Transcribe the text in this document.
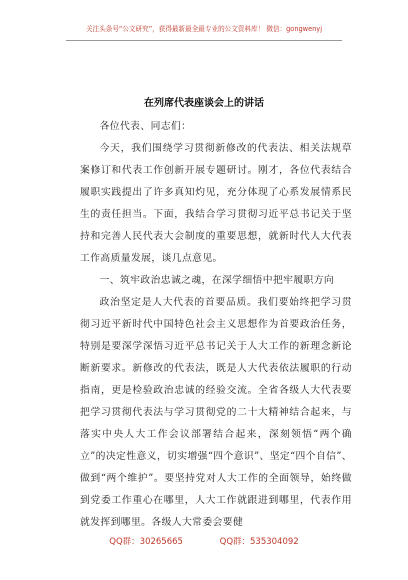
关注头条号“公文研究”，获得最新最全最专业的公文资料库！ 微信：gongwenyj
在列席代表座谈会上的讲话

各位代表、同志们：

今天，我们围绕学习贯彻新修改的代表法、相关法规草案修订和代表工作创新开展专题研讨。刚才，各位代表结合履职实践提出了许多真知灼见，充分体现了心系发展情系民生的责任担当。下面，我结合学习贯彻习近平总书记关于坚持和完善人民代表大会制度的重要思想，就新时代人大代表工作高质量发展，谈几点意见。

一、筑牢政治忠诚之魂，在深学细悟中把牢履职方向

政治坚定是人大代表的首要品质。我们要始终把学习贯彻习近平新时代中国特色社会主义思想作为首要政治任务，特别是要深学深悟习近平总书记关于人大工作的新理念新论断新要求。新修改的代表法，既是人大代表依法履职的行动指南，更是检验政治忠诚的经验交流。全省各级人大代表要把学习贯彻代表法与学习贯彻党的二十大精神结合起来，与落实中央人大工作会议部署结合起来，深刻领悟“两个确立”的决定性意义，切实增强“四个意识”、坚定“四个自信”、做到“两个维护”。要坚持党对人大工作的全面领导，始终做到党委工作重心在哪里，人大工作就跟进到哪里，代表作用就发挥到哪里。各级人大常委会要健

QQ群：30265665	QQ群：535304092
